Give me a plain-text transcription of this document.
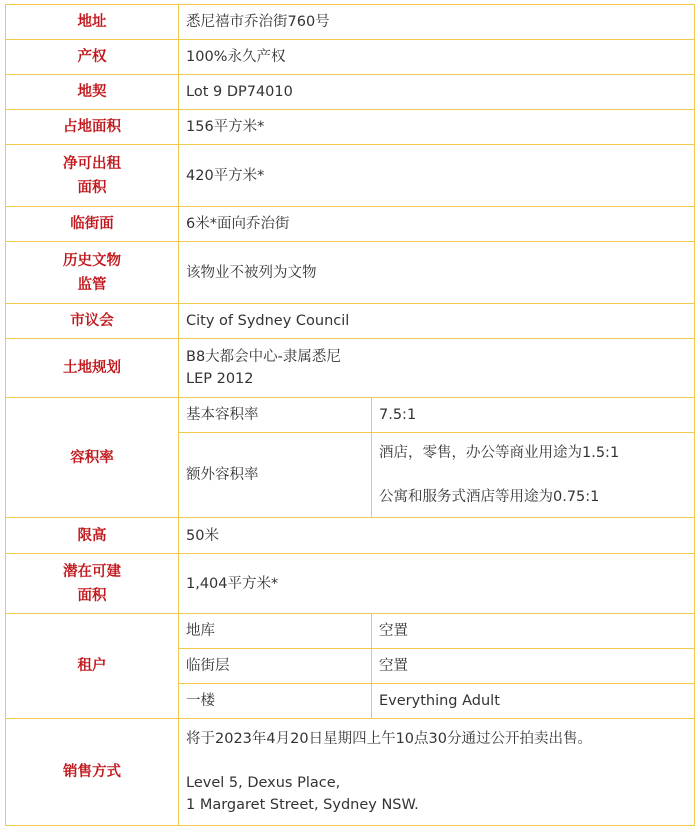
地址	悉尼禧市乔治街760号	

产权	100%永久产权	

地契	Lot 9 DP74010	

占地面积	156平方米*	

净可出租
面积	420平方米*	

临街面	6米*面向乔治街	

历史文物
监管	该物业不被列为文物	

市议会	City of Sydney Council	

土地规划	B8大都会中心-隶属悉尼
LEP 2012	

容积率	基本容积率	7.5:1
	额外容积率	酒店，零售，办公等商业用途为1.5:1
公寓和服务式酒店等用途为0.75:1

限高	50米	

潜在可建
面积	1,404平方米*	

租户	地库	空置
	临街层	空置
	一楼	Everything Adult

销售方式	将于2023年4月20日星期四上午10点30分通过公开拍卖出售。
Level 5, Dexus Place,
1 Margaret Street, Sydney NSW.	
